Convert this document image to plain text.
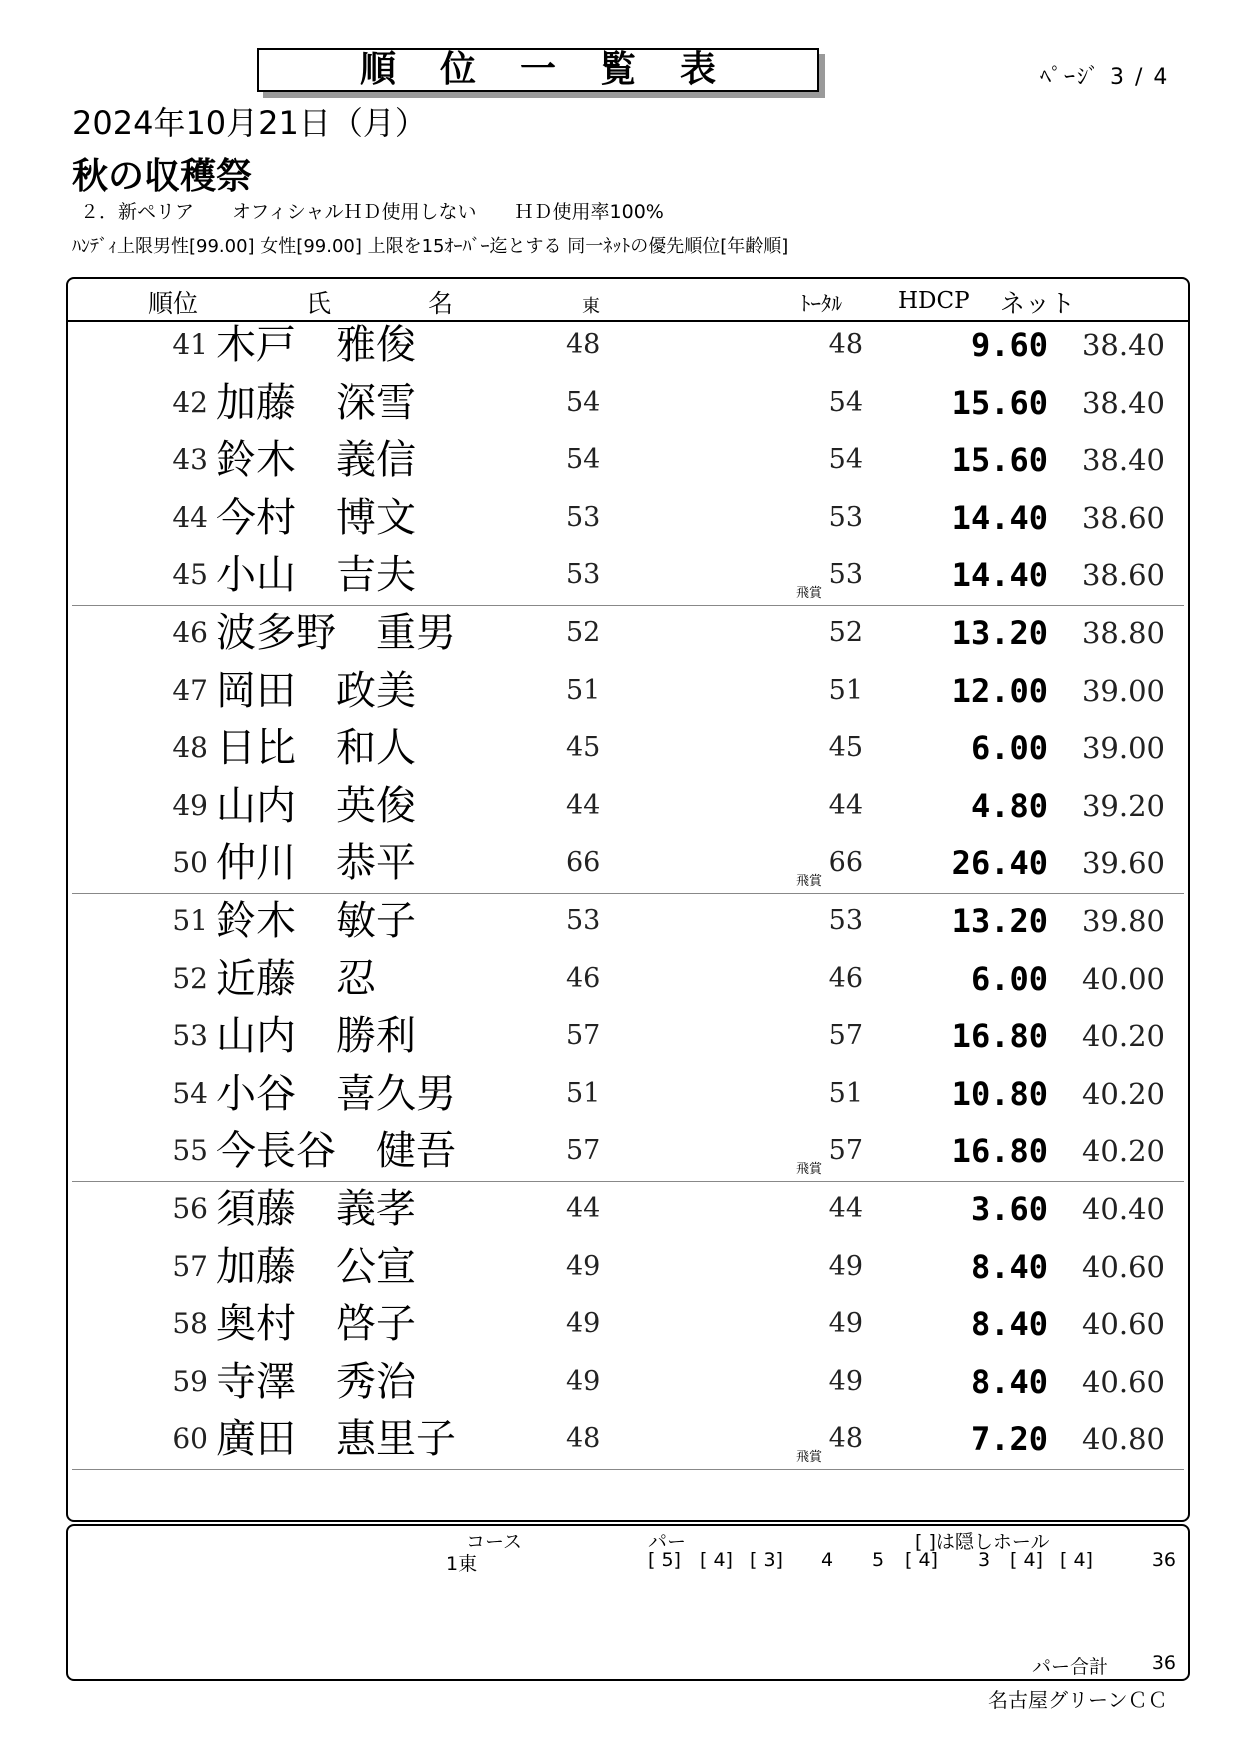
順位一覧表	ﾍﾟｰｼﾞ 3 / 4
2024年10月21日（月）
秋の収穫祭
２．新ペリア　　オフィシャルＨＤ使用しない　　ＨＤ使用率100%
ﾊﾝﾃﾞｨ上限男性[99.00] 女性[99.00] 上限を15ｵｰﾊﾞｰ迄とする 同一ﾈｯﾄの優先順位[年齢順]
順位	氏	名	東	ﾄｰﾀﾙ HDCP ネット
41 木戸　雅俊	48	48	9.60	38.40
42 加藤　深雪	54	54	15.60	38.40
43 鈴木　義信	54	54	15.60	38.40
44 今村　博文	53	53	14.40	38.60
45 小山　吉夫	53	53	14.40	38.60
飛賞
46 波多野　重男	52	52	13.20	38.80
47 岡田　政美	51	51	12.00	39.00
48 日比　和人	45	45	6.00	39.00
49 山内　英俊	44	44	4.80	39.20
50 仲川　恭平	66	66	26.40	39.60
飛賞
51 鈴木　敏子	53	53	13.20	39.80
52 近藤　忍	46	46	6.00	40.00
53 山内　勝利	57	57	16.80	40.20
54 小谷　喜久男	51	51	10.80	40.20
55 今長谷　健吾	57	57	16.80	40.20
飛賞
56 須藤　義孝	44	44	3.60	40.40
57 加藤　公宣	49	49	8.40	40.60
58 奥村　啓子	49	49	8.40	40.60
59 寺澤　秀治	49	49	8.40	40.60
60 廣田　惠里子	48	48	7.20	40.80
飛賞
コース	パー	[ ]は隠しホール
1東	[ 5] [ 4] [ 3] 4 5 [ 4] 3 [ 4] [ 4]	36
パー合計 36
名古屋グリーンＣＣ
